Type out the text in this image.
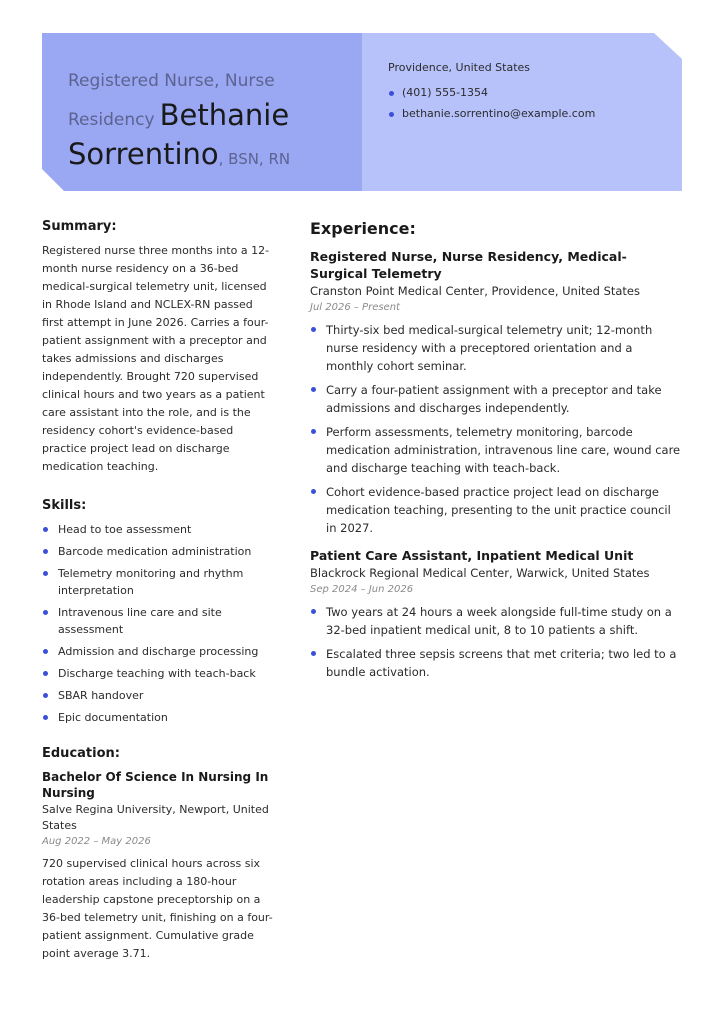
Registered Nurse, Nurse Residency Bethanie Sorrentino, BSN, RN
Providence, United States
(401) 555-1354
bethanie.sorrentino@example.com
Summary:

Registered nurse three months into a 12-month nurse residency on a 36-bed medical-surgical telemetry unit, licensed in Rhode Island and NCLEX-RN passed first attempt in June 2026. Carries a four-patient assignment with a preceptor and takes admissions and discharges independently. Brought 720 supervised clinical hours and two years as a patient care assistant into the role, and is the residency cohort's evidence-based practice project lead on discharge medication teaching.

Skills:
Head to toe assessment
Barcode medication administration
Telemetry monitoring and rhythm interpretation
Intravenous line care and site assessment
Admission and discharge processing
Discharge teaching with teach-back
SBAR handover
Epic documentation
Education:
Bachelor Of Science In Nursing In Nursing
Salve Regina University, Newport, United States
Aug 2022 – May 2026

720 supervised clinical hours across six rotation areas including a 180-hour leadership capstone preceptorship on a 36-bed telemetry unit, finishing on a four-patient assignment. Cumulative grade point average 3.71.

Experience:

Registered Nurse, Nurse Residency, Medical-Surgical Telemetry

Cranston Point Medical Center, Providence, United States

Jul 2026 – Present
Thirty-six bed medical-surgical telemetry unit; 12-month nurse residency with a preceptored orientation and a monthly cohort seminar.
Carry a four-patient assignment with a preceptor and take admissions and discharges independently.
Perform assessments, telemetry monitoring, barcode medication administration, intravenous line care, wound care and discharge teaching with teach-back.
Cohort evidence-based practice project lead on discharge medication teaching, presenting to the unit practice council in 2027.

Patient Care Assistant, Inpatient Medical Unit

Blackrock Regional Medical Center, Warwick, United States

Sep 2024 – Jun 2026
Two years at 24 hours a week alongside full-time study on a 32-bed inpatient medical unit, 8 to 10 patients a shift.
Escalated three sepsis screens that met criteria; two led to a bundle activation.
